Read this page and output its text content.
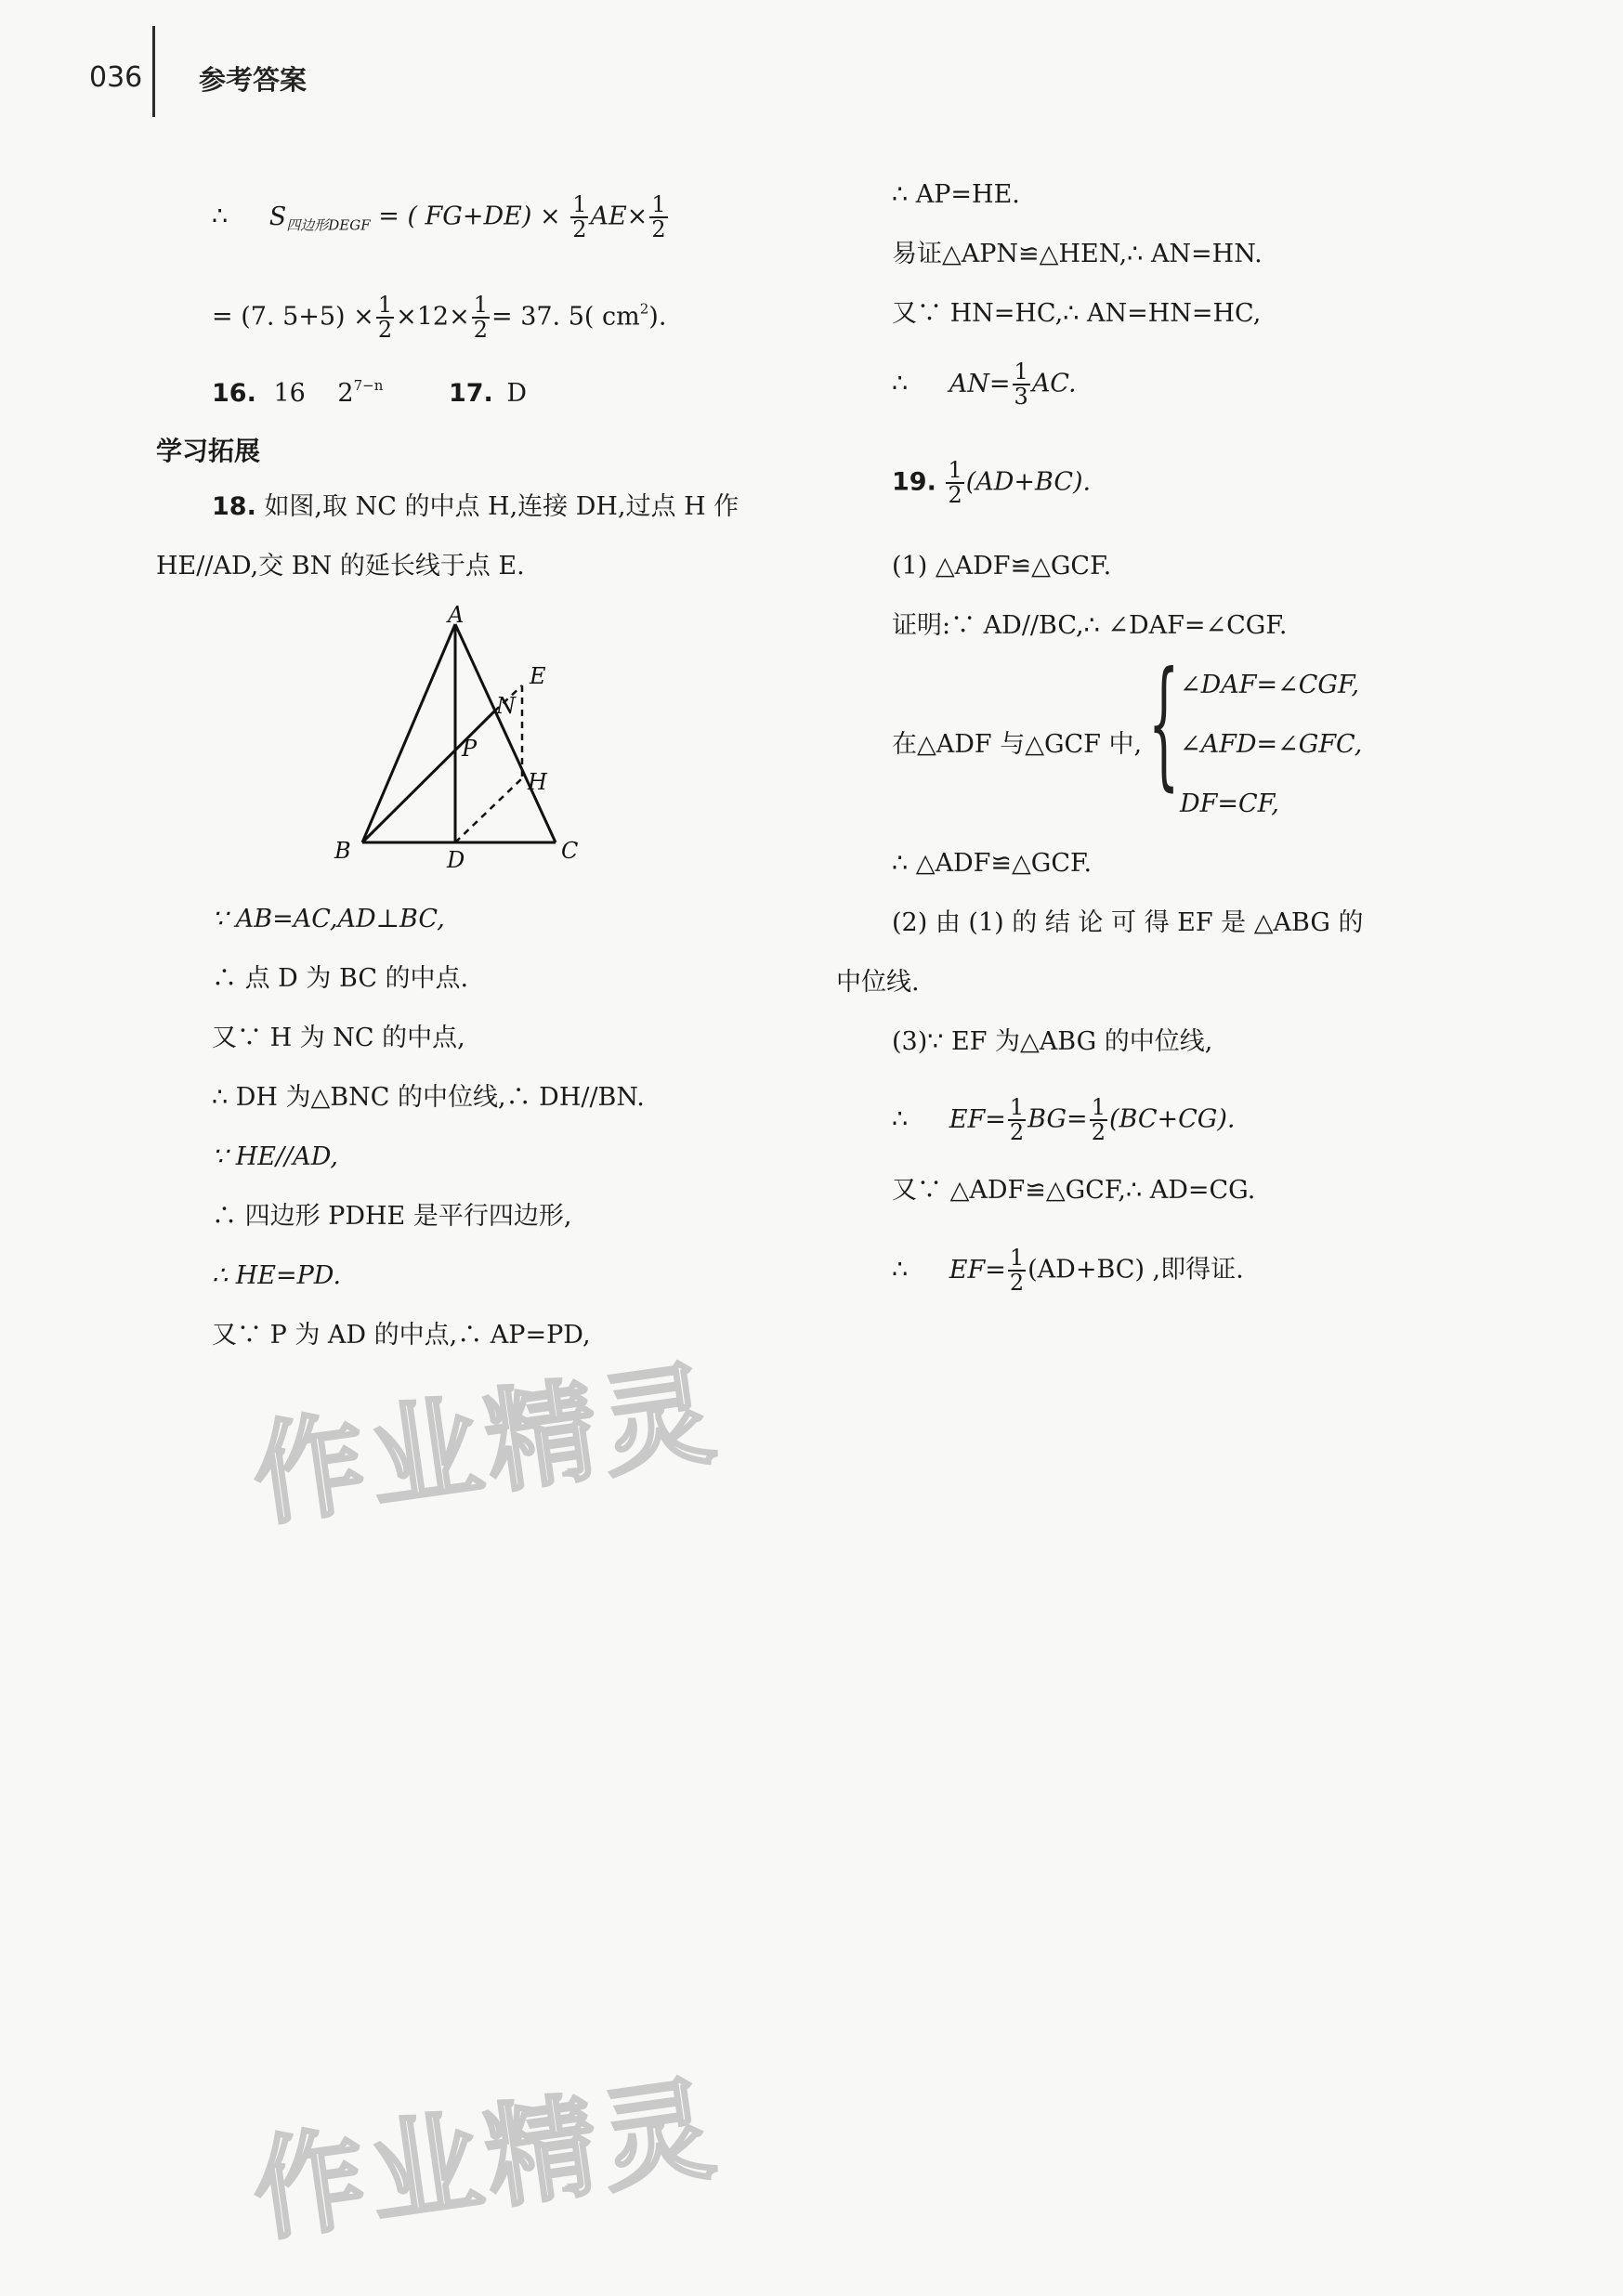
036 参考答案
∴ $S_{四边形DEGF}$ = ( $FG+DE) \times \frac{1}{2} AE\times \frac{1}{2}$
= (7. $5+5) \times \frac{1}{2} \times 12\times \frac{1}{2} = 37$. 5( $cm^2$).
16. 16 $2^{7-n}$	17. D
学习拓展
18. 如图,取 NC 的中点 H,连接 DH,过点 H 作
HE//AD,交 BN 的延长线于点 E.
A
B	C
D
E
N
P
H
∵ AB=AC,AD⊥BC,
∴ 点 D 为 BC 的中点.
又∵ H 为 NC 的中点,
∴ DH 为△BNC 的中位线,∴ DH//BN.
∵ HE//AD,
∴ 四边形 PDHE 是平行四边形,
∴ HE=PD.
又∵ P 为 AD 的中点,∴ AP=PD,
∴ AP=HE.
易证△APN≌△HEN,∴ AN=HN.
又∵ HN=HC,∴ AN=HN=HC,
∴ $AN= \frac{1}{3}$ AC.
19. $\frac{1}{2} (AD+BC)$.
(1) △ADF≌△GCF.
证明:∵ AD//BC,∴ ∠DAF=∠CGF.
在△ADF 与△GCF 中, { ∠DAF=∠CGF,
∠AFD=∠GFC,
DF=CF,
∴ △ADF≌△GCF.
(2) 由 (1) 的 结 论 可 得 EF 是 △ABG 的
中位线.
(3)∵ EF 为△ABG 的中位线,
∴ $EF= \frac{1}{2} BG= \frac{1}{2} (BC+CG)$.
又∵ △ADF≌△GCF,∴ AD=CG.
∴ $EF= \frac{1}{2} (AD+BC)$ ,即得证.
作业精灵
作业精灵
